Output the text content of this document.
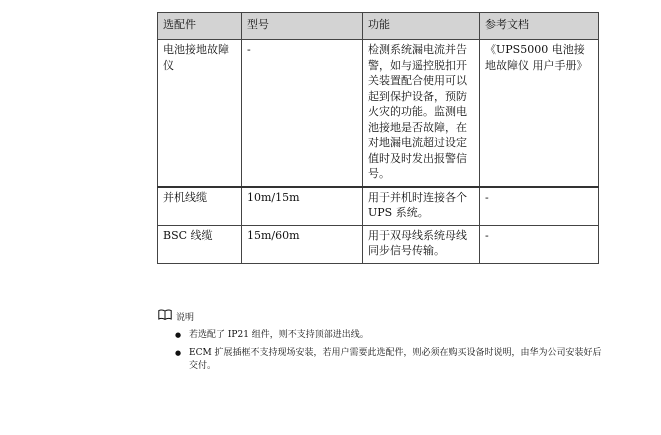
选配件	型号	功能	参考文档
电池接地故障仪	-	检测系统漏电流并告警，如与遥控脱扣开关装置配合使用可以起到保护设备，预防火灾的功能。监测电池接地是否故障，在对地漏电流超过设定值时及时发出报警信号。	《UPS5000 电池接地故障仪 用户手册》
并机线缆	10m/15m	用于并机时连接各个 UPS 系统。	-
BSC 线缆	15m/60m	用于双母线系统母线同步信号传输。	-
说明
● 若选配了 IP21 组件，则不支持顶部进出线。
● ECM 扩展插框不支持现场安装，若用户需要此选配件，则必须在购买设备时说明，由华为公司安装好后交付。
